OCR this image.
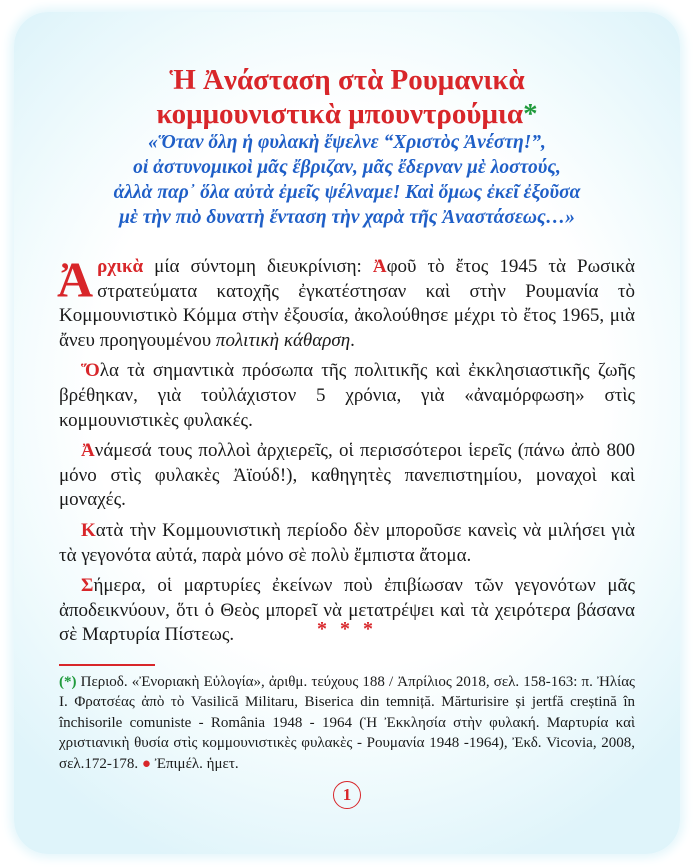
Ἡ Ἀνάσταση στὰ Ρουμανικὰ
κομμουνιστικὰ μπουντρούμια*
«Ὅταν ὅλη ἡ φυλακὴ ἔψελνε “Χριστὸς Ἀνέστη!”,
οἱ ἀστυνομικοὶ μᾶς ἔβριζαν, μᾶς ἔδερναν μὲ λοστούς,
ἀλλὰ παρ᾽ ὅλα αὐτὰ ἐμεῖς ψέλναμε! Καὶ ὅμως ἐκεῖ ἐξοῦσα
μὲ τὴν πιὸ δυνατὴ ἔνταση τὴν χαρὰ τῆς Ἀναστάσεως…»

Ἀρχικὰ μία σύντομη διευκρίνιση: Ἀφοῦ τὸ ἔτος 1945 τὰ Ρωσικὰ στρατεύματα κατοχῆς ἐγκατέστησαν καὶ στὴν Ρουμανία τὸ Κομμουνιστικὸ Κόμμα στὴν ἐξουσία, ἀκολούθησε μέχρι τὸ ἔτος 1965, μιὰ ἄνευ προηγουμένου πολιτικὴ κάθαρση.

Ὅλα τὰ σημαντικὰ πρόσωπα τῆς πολιτικῆς καὶ ἐκκλησιαστικῆς ζωῆς βρέθηκαν, γιὰ τοὐλάχιστον 5 χρόνια, γιὰ «ἀναμόρφωση» στὶς κομμουνιστικὲς φυλακές.

Ἀνάμεσά τους πολλοὶ ἀρχιερεῖς, οἱ περισσότεροι ἱερεῖς (πάνω ἀπὸ 800 μόνο στὶς φυλακὲς Ἀϊούδ!), καθηγητὲς πανεπιστημίου, μοναχοὶ καὶ μοναχές.

Κατὰ τὴν Κομμουνιστικὴ περίοδο δὲν μποροῦσε κανεὶς νὰ μιλήσει γιὰ τὰ γεγονότα αὐτά, παρὰ μόνο σὲ πολὺ ἔμπιστα ἄτομα.

Σήμερα, οἱ μαρτυρίες ἐκείνων ποὺ ἐπιβίωσαν τῶν γεγονότων μᾶς ἀποδεικνύουν, ὅτι ὁ Θεὸς μπορεῖ νὰ μετατρέψει καὶ τὰ χειρότερα βάσανα σὲ Μαρτυρία Πίστεως.	* * *
(*) Περιοδ. «Ἐνοριακὴ Εὐλογία», ἀριθμ. τεύχους 188 / Ἀπρίλιος 2018, σελ. 158-163: π. Ἠλίας Ι. Φρατσέας ἀπὸ τὸ Vasilică Militaru, Biserica din temniță. Mărturisire și jertfă creștină în închisorile comuniste - România 1948 - 1964 (Ἡ Ἐκκλησία στὴν φυλακή. Μαρτυρία καὶ χριστιανικὴ θυσία στὶς κομμουνιστικὲς φυλακὲς - Ρουμανία 1948 -1964), Ἐκδ. Vicovia, 2008, σελ.172-178. ● Ἐπιμέλ. ἡμετ.
1
